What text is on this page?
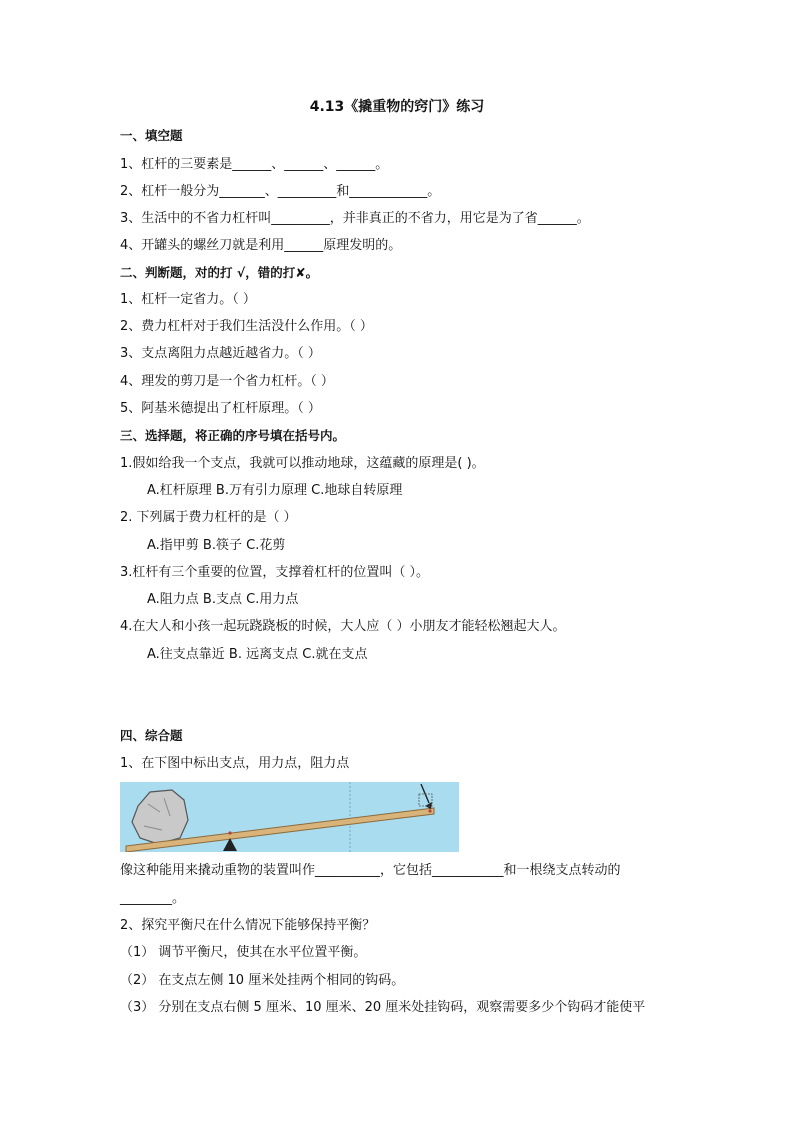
4.13《撬重物的窍门》练习
一、填空题
1、杠杆的三要素是______、______、______。
2、杠杆一般分为_______、_________和____________。
3、生活中的不省力杠杆叫_________，并非真正的不省力，用它是为了省______。
4、开罐头的螺丝刀就是利用______原理发明的。
二、判断题，对的打 √，错的打✘。
1、杠杆一定省力。（ ）
2、费力杠杆对于我们生活没什么作用。（ ）
3、支点离阻力点越近越省力。（ ）
4、理发的剪刀是一个省力杠杆。（ ）
5、阿基米德提出了杠杆原理。（ ）
三、选择题，将正确的序号填在括号内。
1.假如给我一个支点，我就可以推动地球，这蕴藏的原理是( )。
A.杠杆原理 B.万有引力原理 C.地球自转原理
2. 下列属于费力杠杆的是（ ）
A.指甲剪 B.筷子 C.花剪
3.杠杆有三个重要的位置，支撑着杠杆的位置叫（ ）。
A.阻力点 B.支点 C.用力点
4.在大人和小孩一起玩跷跷板的时候，大人应（ ）小朋友才能轻松翘起大人。
A.往支点靠近 B. 远离支点 C.就在支点
四、综合题
1、在下图中标出支点，用力点，阻力点
像这种能用来撬动重物的装置叫作__________，它包括___________和一根绕支点转动的
________。
2、探究平衡尺在什么情况下能够保持平衡？
（1） 调节平衡尺，使其在水平位置平衡。
（2） 在支点左侧 10 厘米处挂两个相同的钩码。
（3） 分别在支点右侧 5 厘米、10 厘米、20 厘米处挂钩码，观察需要多少个钩码才能使平
